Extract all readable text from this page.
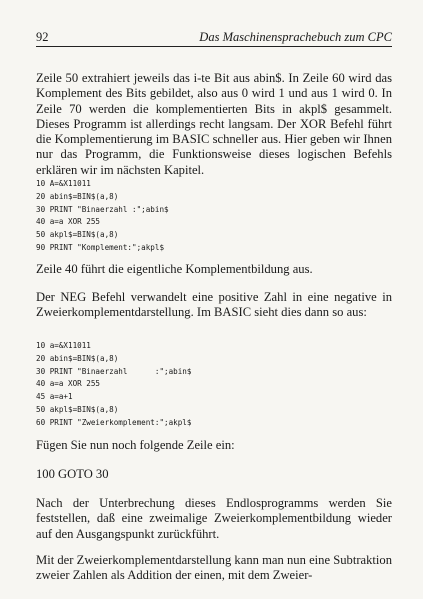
92	Das Maschinensprachebuch zum CPC

Zeile 50 extrahiert jeweils das i-te Bit aus abin$. In Zeile 60 wird das Komplement des Bits gebildet, also aus 0 wird 1 und aus 1 wird 0. In Zeile 70 werden die komplementierten Bits in akpl$ gesammelt. Dieses Programm ist allerdings recht langsam. Der XOR Befehl führt die Komplementierung im BASIC schneller aus. Hier geben wir Ihnen nur das Programm, die Funktionsweise dieses logischen Befehls erklären wir im nächsten Kapitel.

10 A=&X11011
20 abin$=BIN$(a,8)
30 PRINT "Binaerzahl :";abin$
40 a=a XOR 255
50 akpl$=BIN$(a,8)
90 PRINT "Komplement:";akpl$

Zeile 40 führt die eigentliche Komplementbildung aus.

Der NEG Befehl verwandelt eine positive Zahl in eine negative in Zweierkomplementdarstellung. Im BASIC sieht dies dann so aus:

10 a=&X11011
20 abin$=BIN$(a,8)
30 PRINT "Binaerzahl      :";abin$
40 a=a XOR 255
45 a=a+1
50 akpl$=BIN$(a,8)
60 PRINT "Zweierkomplement:";akpl$

Fügen Sie nun noch folgende Zeile ein:

100 GOTO 30

Nach der Unterbrechung dieses Endlosprogramms werden Sie feststellen, daß eine zweimalige Zweierkomplementbildung wieder auf den Ausgangspunkt zurückführt.

Mit der Zweierkomplementdarstellung kann man nun eine Subtraktion zweier Zahlen als Addition der einen, mit dem Zweier-
